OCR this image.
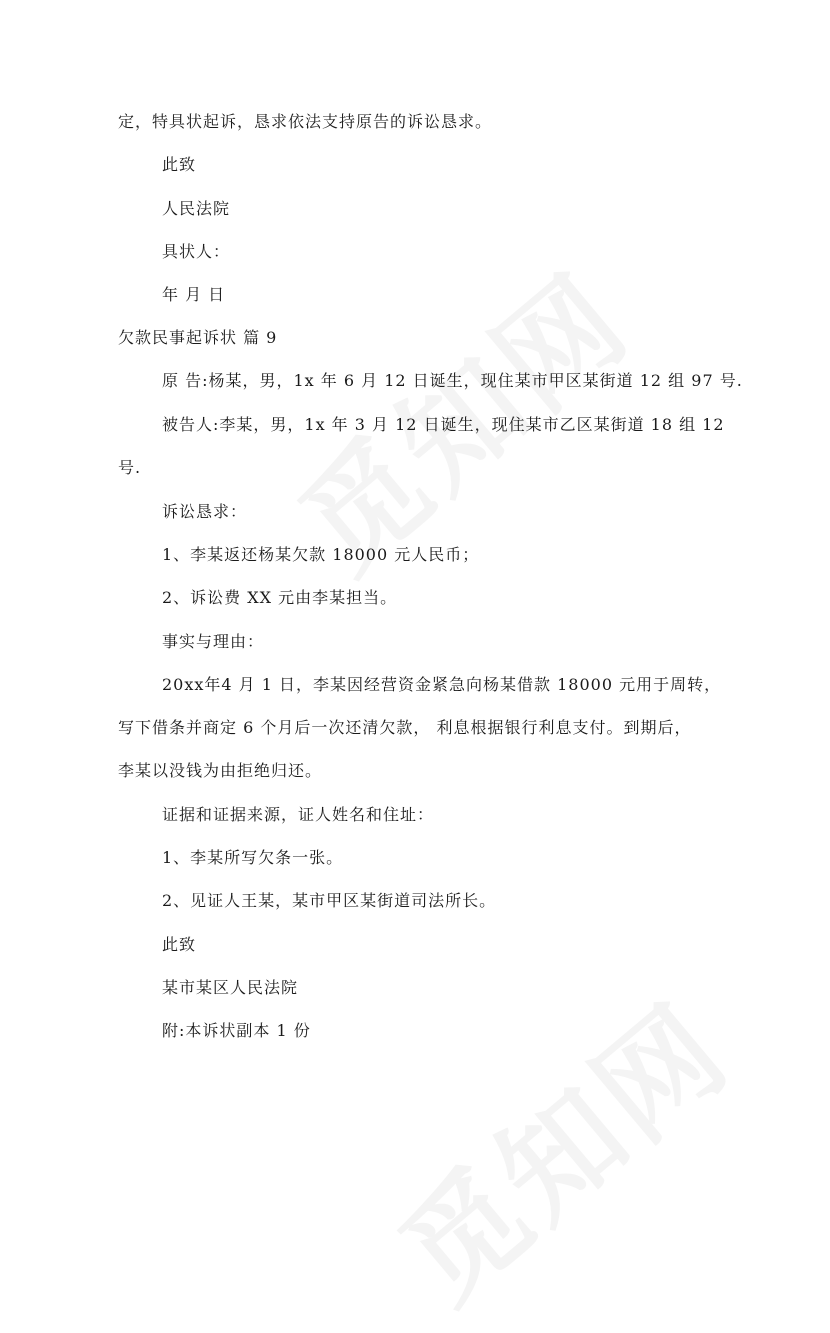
定，特具状起诉，恳求依法支持原告的诉讼恳求。
此致
人民法院
具状人：
年 月 日
欠款民事起诉状 篇 9
原 告:杨某，男，1x 年 6 月 12 日诞生，现住某市甲区某街道 12 组 97 号.
被告人:李某，男，1x 年 3 月 12 日诞生，现住某市乙区某街道 18 组 12
号.
诉讼恳求：
1、李某返还杨某欠款 18000 元人民币；
2、诉讼费 XX 元由李某担当。
事实与理由：
20xx年4 月 1 日，李某因经营资金紧急向杨某借款 18000 元用于周转，
写下借条并商定 6 个月后一次还清欠款， 利息根据银行利息支付。到期后，
李某以没钱为由拒绝归还。
证据和证据来源，证人姓名和住址：
1、李某所写欠条一张。
2、见证人王某，某市甲区某街道司法所长。
此致
某市某区人民法院
附:本诉状副本 1 份
